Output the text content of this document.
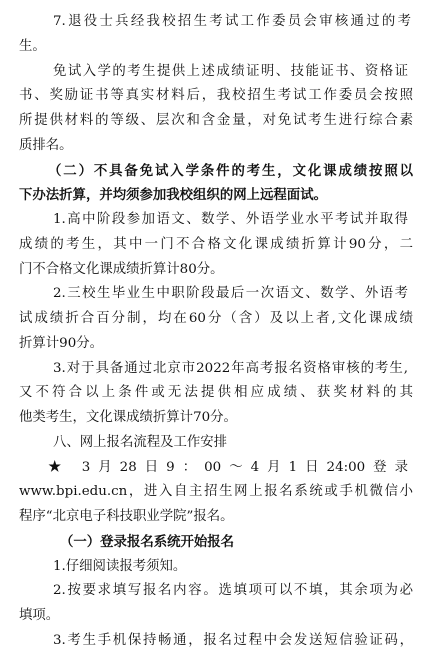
7.退役士兵经我校招生考试工作委员会审核通过的考
生。
免试入学的考生提供上述成绩证明、技能证书、资格证
书、奖励证书等真实材料后，我校招生考试工作委员会按照
所提供材料的等级、层次和含金量，对免试考生进行综合素
质排名。
（二）不具备免试入学条件的考生，文化课成绩按照以
下办法折算，并均须参加我校组织的网上远程面试。
1.高中阶段参加语文、数学、外语学业水平考试并取得
成绩的考生，其中一门不合格文化课成绩折算计90分，二
门不合格文化课成绩折算计80分。
2.三校生毕业生中职阶段最后一次语文、数学、外语考
试成绩折合百分制，均在60分（含）及以上者,文化课成绩
折算计90分。
3.对于具备通过北京市2022年高考报名资格审核的考生,
又不符合以上条件或无法提供相应成绩、获奖材料的其
他类考生，文化课成绩折算计70分。
八、网上报名流程及工作安排
★ 3月28日9：00～4月1日24:00登录
www.bpi.edu.cn，进入自主招生网上报名系统或手机微信小
程序“北京电子科技职业学院”报名。
（一）登录报名系统开始报名
1.仔细阅读报考须知。
2.按要求填写报名内容。选填项可以不填，其余项为必
填项。
3.考生手机保持畅通，报名过程中会发送短信验证码，
